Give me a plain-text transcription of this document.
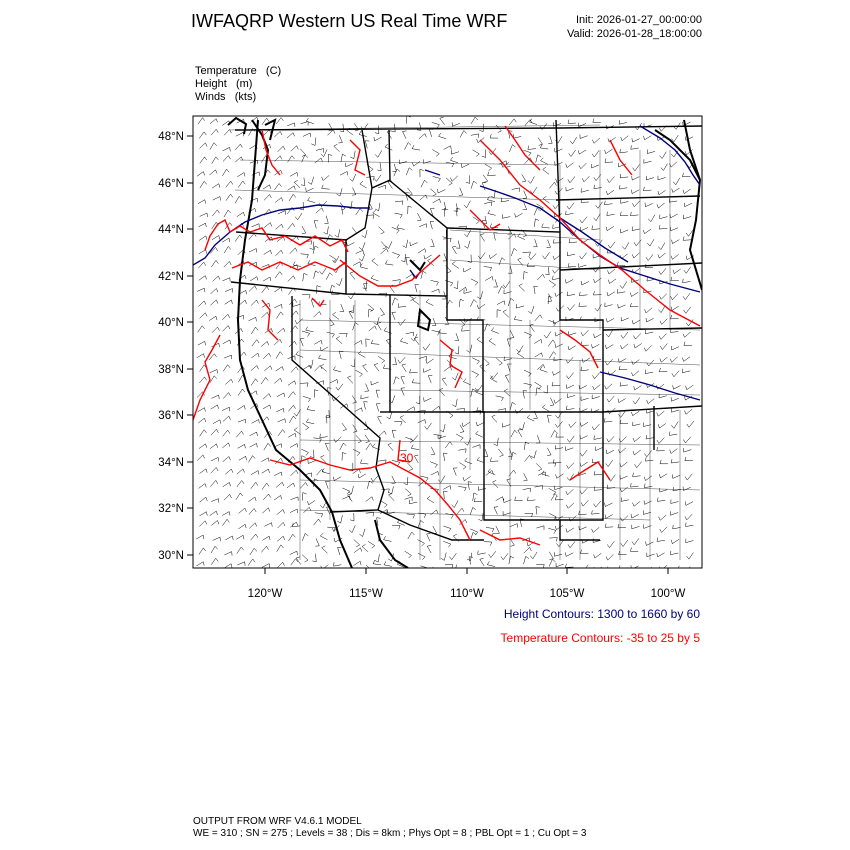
IWFAQRP Western US Real Time WRF	Init: 2026-01-27_00:00:00
Valid: 2026-01-28_18:00:00
Temperature   (C)
Height   (m)
Winds   (kts)
30
48°N
46°N
44°N
42°N
40°N
38°N
36°N
34°N
32°N
30°N
120°W	115°W	110°W	105°W	100°W
Height Contours: 1300 to 1660 by 60
Temperature Contours: -35 to 25 by 5
OUTPUT FROM WRF V4.6.1 MODEL
WE = 310 ; SN = 275 ; Levels = 38 ; Dis = 8km ; Phys Opt = 8 ; PBL Opt = 1 ; Cu Opt = 3
